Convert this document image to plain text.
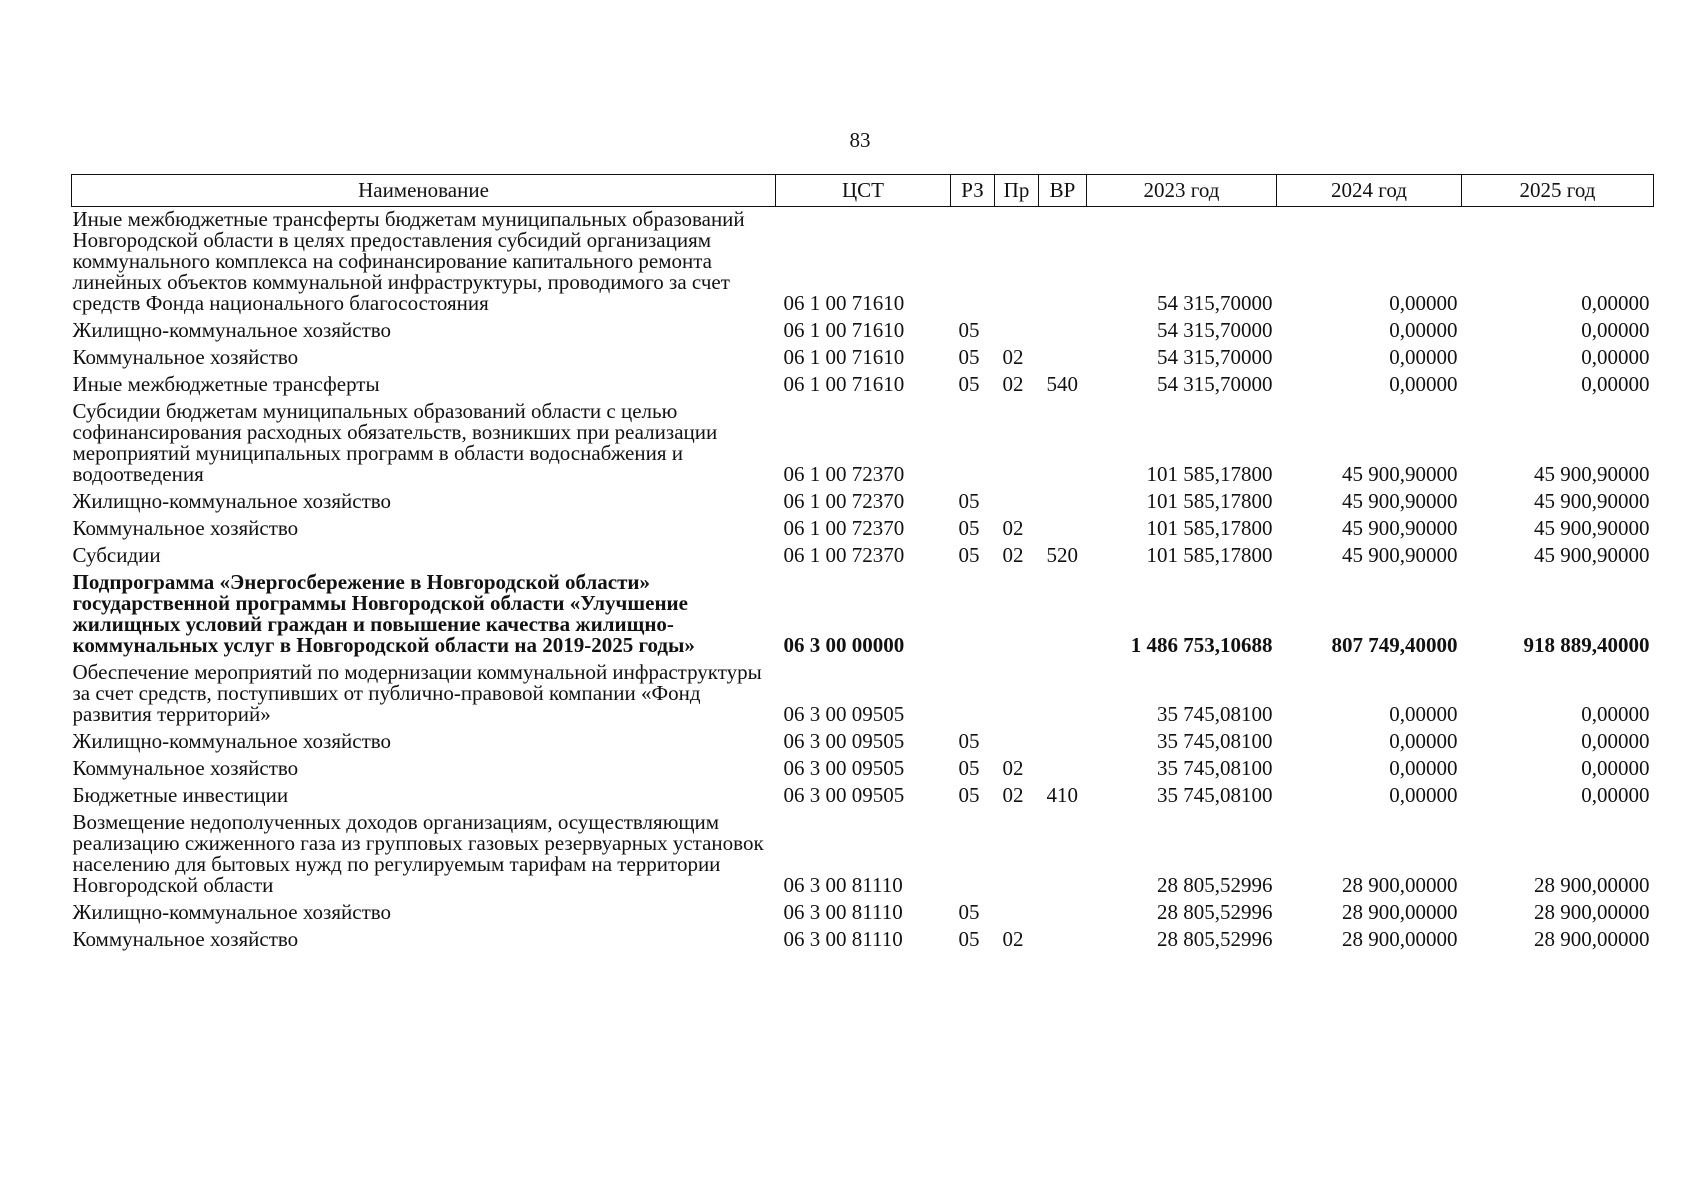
83
Наименование	ЦСТ	РЗ	Пр	ВР	2023 год	2024 год	2025 год
Иные межбюджетные трансферты бюджетам муниципальных образований Новгородской области в целях предоставления субсидий организациям коммунального комплекса на софинансирование капитального ремонта линейных объектов коммунальной инфраструктуры, проводимого за счет средств Фонда национального благосостояния	06 1 00 71610				54 315,70000	0,00000	0,00000
Жилищно-коммунальное хозяйство	06 1 00 71610	05			54 315,70000	0,00000	0,00000
Коммунальное хозяйство	06 1 00 71610	05	02		54 315,70000	0,00000	0,00000
Иные межбюджетные трансферты	06 1 00 71610	05	02	540	54 315,70000	0,00000	0,00000
Субсидии бюджетам муниципальных образований области с целью софинансирования расходных обязательств, возникших при реализации мероприятий муниципальных программ в области водоснабжения и водоотведения	06 1 00 72370				101 585,17800	45 900,90000	45 900,90000
Жилищно-коммунальное хозяйство	06 1 00 72370	05			101 585,17800	45 900,90000	45 900,90000
Коммунальное хозяйство	06 1 00 72370	05	02		101 585,17800	45 900,90000	45 900,90000
Субсидии	06 1 00 72370	05	02	520	101 585,17800	45 900,90000	45 900,90000
Подпрограмма «Энергосбережение в Новгородской области» государственной программы Новгородской области «Улучшение жилищных условий граждан и повышение качества жилищно-коммунальных услуг в Новгородской области на 2019-2025 годы»	06 3 00 00000				1 486 753,10688	807 749,40000	918 889,40000
Обеспечение мероприятий по модернизации коммунальной инфраструктуры за счет средств, поступивших от публично-правовой компании «Фонд развития территорий»	06 3 00 09505				35 745,08100	0,00000	0,00000
Жилищно-коммунальное хозяйство	06 3 00 09505	05			35 745,08100	0,00000	0,00000
Коммунальное хозяйство	06 3 00 09505	05	02		35 745,08100	0,00000	0,00000
Бюджетные инвестиции	06 3 00 09505	05	02	410	35 745,08100	0,00000	0,00000
Возмещение недополученных доходов организациям, осуществляющим реализацию сжиженного газа из групповых газовых резервуарных установок населению для бытовых нужд по регулируемым тарифам на территории Новгородской области	06 3 00 81110				28 805,52996	28 900,00000	28 900,00000
Жилищно-коммунальное хозяйство	06 3 00 81110	05			28 805,52996	28 900,00000	28 900,00000
Коммунальное хозяйство	06 3 00 81110	05	02		28 805,52996	28 900,00000	28 900,00000
